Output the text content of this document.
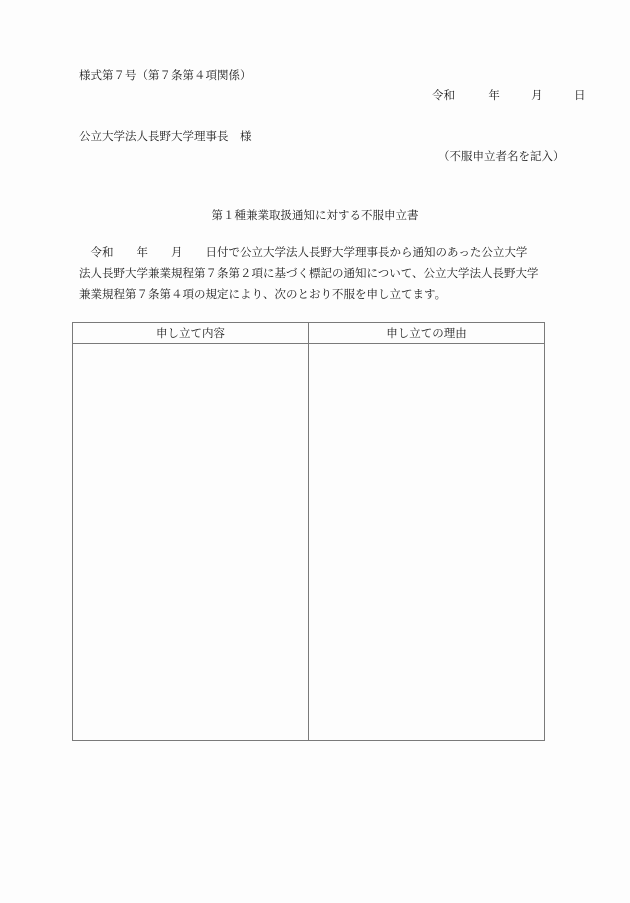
様式第７号（第７条第４項関係）
令和	年	月	日
公立大学法人長野大学理事長　様
（不服申立者名を記入）
第１種兼業取扱通知に対する不服申立書
　令和　　年　　月　　日付で公立大学法人長野大学理事長から通知のあった公立大学
法人長野大学兼業規程第７条第２項に基づく標記の通知について、公立大学法人長野大学
兼業規程第７条第４項の規定により、次のとおり不服を申し立てます。
申し立て内容	申し立ての理由
